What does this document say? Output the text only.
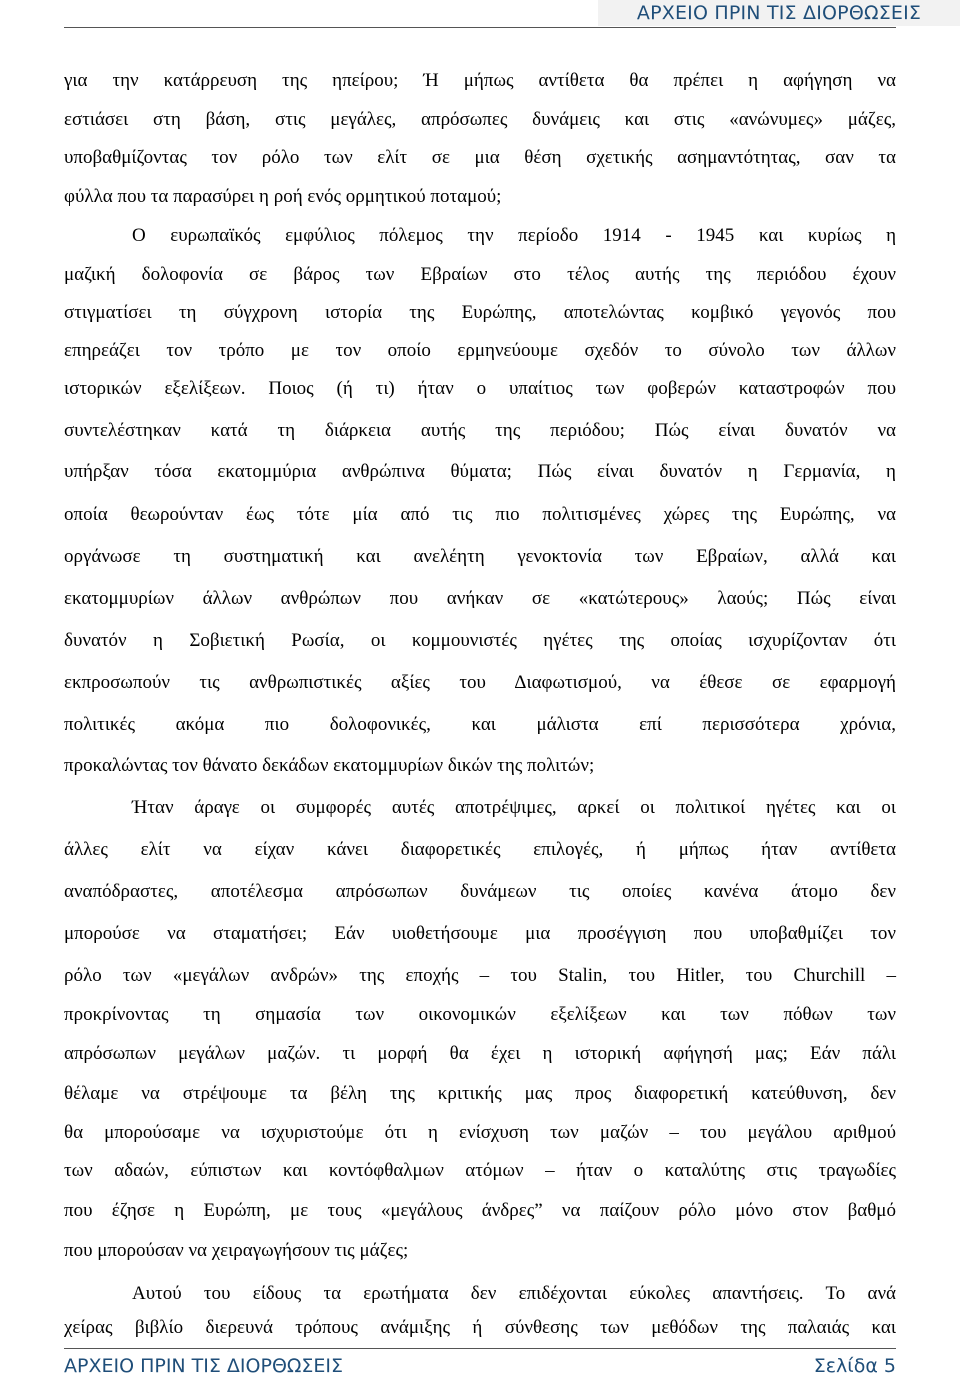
ΑΡΧΕΙΟ ΠΡΙΝ ΤΙΣ ΔΙΟΡΘΩΣΕΙΣ
για την κατάρρευση της ηπείρου; Ή μήπως αντίθετα θα πρέπει η αφήγηση να
εστιάσει στη βάση, στις μεγάλες, απρόσωπες δυνάμεις και στις «ανώνυμες» μάζες,
υποβαθμίζοντας τον ρόλο των ελίτ σε μια θέση σχετικής ασημαντότητας, σαν τα
φύλλα που τα παρασύρει η ροή ενός ορμητικού ποταμού;
Ο ευρωπαϊκός εμφύλιος πόλεμος την περίοδο 1914 - 1945 και κυρίως η
μαζική δολοφονία σε βάρος των Εβραίων στο τέλος αυτής της περιόδου έχουν
στιγματίσει τη σύγχρονη ιστορία της Ευρώπης, αποτελώντας κομβικό γεγονός που
επηρεάζει τον τρόπο με τον οποίο ερμηνεύουμε σχεδόν το σύνολο των άλλων
ιστορικών εξελίξεων. Ποιος (ή τι) ήταν ο υπαίτιος των φοβερών καταστροφών που
συντελέστηκαν κατά τη διάρκεια αυτής της περιόδου; Πώς είναι δυνατόν να
υπήρξαν τόσα εκατομμύρια ανθρώπινα θύματα; Πώς είναι δυνατόν η Γερμανία, η
οποία θεωρούνταν έως τότε μία από τις πιο πολιτισμένες χώρες της Ευρώπης, να
οργάνωσε τη συστηματική και ανελέητη γενοκτονία των Εβραίων, αλλά και
εκατομμυρίων άλλων ανθρώπων που ανήκαν σε «κατώτερους» λαούς; Πώς είναι
δυνατόν η Σοβιετική Ρωσία, οι κομμουνιστές ηγέτες της οποίας ισχυρίζονταν ότι
εκπροσωπούν τις ανθρωπιστικές αξίες του Διαφωτισμού, να έθεσε σε εφαρμογή
πολιτικές ακόμα πιο δολοφονικές, και μάλιστα επί περισσότερα χρόνια,
προκαλώντας τον θάνατο δεκάδων εκατομμυρίων δικών της πολιτών;
Ήταν άραγε οι συμφορές αυτές αποτρέψιμες, αρκεί οι πολιτικοί ηγέτες και οι
άλλες ελίτ να είχαν κάνει διαφορετικές επιλογές, ή μήπως ήταν αντίθετα
αναπόδραστες, αποτέλεσμα απρόσωπων δυνάμεων τις οποίες κανένα άτομο δεν
μπορούσε να σταματήσει; Εάν υιοθετήσουμε μια προσέγγιση που υποβαθμίζει τον
ρόλο των «μεγάλων ανδρών» της εποχής – του Stalin, του Hitler, του Churchill –
προκρίνοντας τη σημασία των οικονομικών εξελίξεων και των πόθων των
απρόσωπων μεγάλων μαζών. τι μορφή θα έχει η ιστορική αφήγησή μας; Εάν πάλι
θέλαμε να στρέψουμε τα βέλη της κριτικής μας προς διαφορετική κατεύθυνση, δεν
θα μπορούσαμε να ισχυριστούμε ότι η ενίσχυση των μαζών – του μεγάλου αριθμού
των αδαών, εύπιστων και κοντόφθαλμων ατόμων – ήταν ο καταλύτης στις τραγωδίες
που έζησε η Ευρώπη, με τους «μεγάλους άνδρες” να παίζουν ρόλο μόνο στον βαθμό
που μπορούσαν να χειραγωγήσουν τις μάζες;
Αυτού του είδους τα ερωτήματα δεν επιδέχονται εύκολες απαντήσεις. Το ανά
χείρας βιβλίο διερευνά τρόπους ανάμιξης ή σύνθεσης των μεθόδων της παλαιάς και
ΑΡΧΕΙΟ ΠΡΙΝ ΤΙΣ ΔΙΟΡΘΩΣΕΙΣ	Σελίδα 5
